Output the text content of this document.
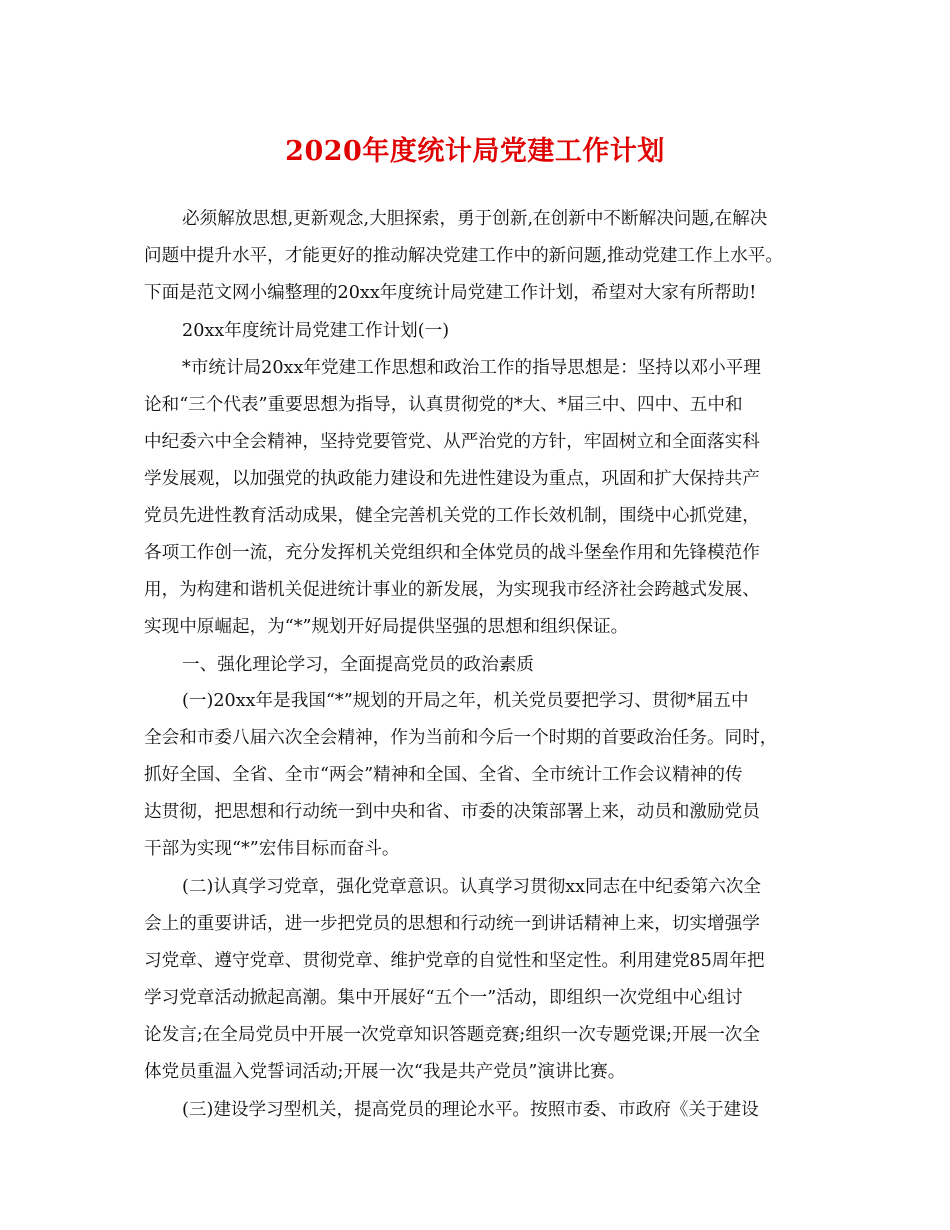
2020年度统计局党建工作计划
必须解放思想,更新观念,大胆探索，勇于创新,在创新中不断解决问题,在解决
问题中提升水平，才能更好的推动解决党建工作中的新问题,推动党建工作上水平。
下面是范文网小编整理的20xx年度统计局党建工作计划，希望对大家有所帮助!
20xx年度统计局党建工作计划(一)
*市统计局20xx年党建工作思想和政治工作的指导思想是：坚持以邓小平理
论和“三个代表”重要思想为指导，认真贯彻党的*大、*届三中、四中、五中和
中纪委六中全会精神，坚持党要管党、从严治党的方针，牢固树立和全面落实科
学发展观，以加强党的执政能力建设和先进性建设为重点，巩固和扩大保持共产
党员先进性教育活动成果，健全完善机关党的工作长效机制，围绕中心抓党建，
各项工作创一流，充分发挥机关党组织和全体党员的战斗堡垒作用和先锋模范作
用，为构建和谐机关促进统计事业的新发展，为实现我市经济社会跨越式发展、
实现中原崛起，为“*”规划开好局提供坚强的思想和组织保证。
一、强化理论学习，全面提高党员的政治素质
(一)20xx年是我国“*”规划的开局之年，机关党员要把学习、贯彻*届五中
全会和市委八届六次全会精神，作为当前和今后一个时期的首要政治任务。同时，
抓好全国、全省、全市“两会”精神和全国、全省、全市统计工作会议精神的传
达贯彻，把思想和行动统一到中央和省、市委的决策部署上来，动员和激励党员
干部为实现“*”宏伟目标而奋斗。
(二)认真学习党章，强化党章意识。认真学习贯彻xx同志在中纪委第六次全
会上的重要讲话，进一步把党员的思想和行动统一到讲话精神上来，切实增强学
习党章、遵守党章、贯彻党章、维护党章的自觉性和坚定性。利用建党85周年把
学习党章活动掀起高潮。集中开展好“五个一”活动，即组织一次党组中心组讨
论发言;在全局党员中开展一次党章知识答题竞赛;组织一次专题党课;开展一次全
体党员重温入党誓词活动;开展一次“我是共产党员”演讲比赛。
(三)建设学习型机关，提高党员的理论水平。按照市委、市政府《关于建设
